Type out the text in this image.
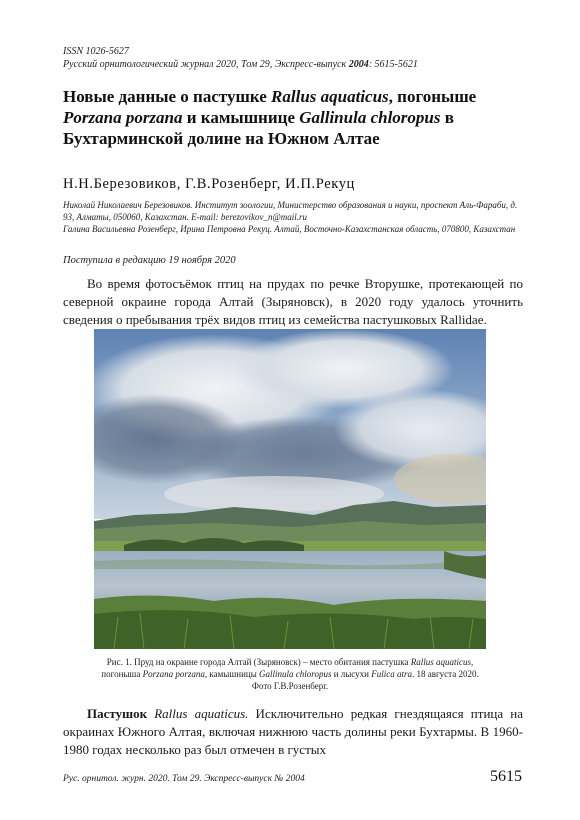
ISSN 1026-5627
Русский орнитологический журнал 2020, Том 29, Экспресс-выпуск 2004: 5615-5621
Новые данные о пастушке Rallus aquaticus, погоныше Porzana porzana и камышнице Gallinula chloropus в Бухтарминской долине на Южном Алтае
Н.Н.Березовиков, Г.В.Розенберг, И.П.Рекуц

Николай Николаевич Березовиков. Институт зоологии, Министерство образования и науки, проспект Аль-Фараби, д. 93, Алматы, 050060, Казахстан. E-mail: berezovikov_n@mail.ru

Галина Васильевна Розенберг, Ирина Петровна Рекуц. Алтай, Восточно-Казахстанская область, 070800, Казахстан

Поступила в редакцию 19 ноября 2020

Во время фотосъёмок птиц на прудах по речке Вторушке, протекающей по северной окраине города Алтай (Зыряновск), в 2020 году удалось уточнить сведения о пребывания трёх видов птиц из семейства пастушковых Rallidae.

Рис. 1. Пруд на окраине города Алтай (Зыряновск) – место обитания пастушка Rallus aquaticus, погоныша Porzana porzana, камышницы Gallinula chloropus и лысухи Fulica atra. 18 августа 2020. Фото Г.В.Розенберг.

Пастушок Rallus aquaticus. Исключительно редкая гнездящаяся птица на окраинах Южного Алтая, включая нижнюю часть долины реки Бухтармы. В 1960-1980 годах несколько раз был отмечен в густых

Рус. орнитол. журн. 2020. Том 29. Экспресс-выпуск № 2004	5615
